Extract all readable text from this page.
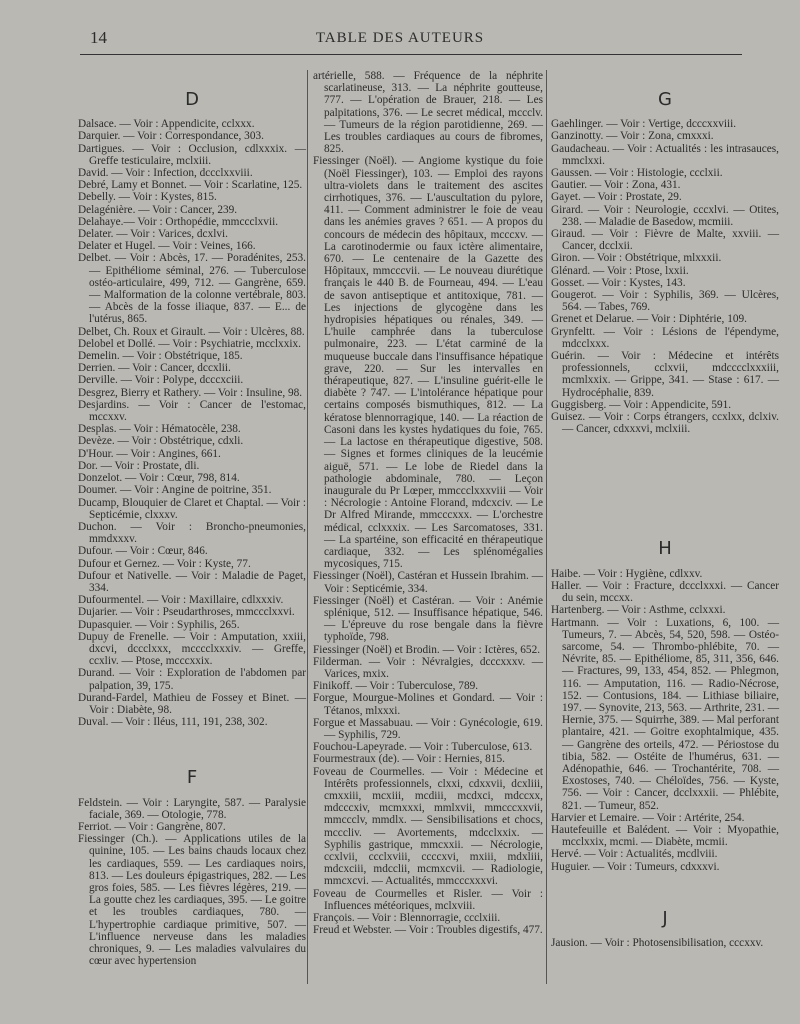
14	TABLE DES AUTEURS
D
Dalsace. — Voir : Appendicite, cclxxx.
Darquier. — Voir : Correspondance, 303.
Dartigues. — Voir : Occlusion, cdlxxxix. — Greffe testiculaire, mclxiii.
David. — Voir : Infection, dccclxxviii.
Debré, Lamy et Bonnet. — Voir : Scarlatine, 125.
Debelly. — Voir : Kystes, 815.
Delagénière. — Voir : Cancer, 239.
Delahaye.— Voir : Orthopédie, mmccclxvii.
Delater. — Voir : Varices, dcxlvi.
Delater et Hugel. — Voir : Veines, 166.
Delbet. — Voir : Abcès, 17. — Poradénites, 253. — Epithéliome séminal, 276. — Tuberculose ostéo-articulaire, 499, 712. — Gangrène, 659. — Malformation de la colonne vertébrale, 803. — Abcès de la fosse iliaque, 837. — E... de l'utérus, 865.
Delbet, Ch. Roux et Girault. — Voir : Ulcères, 88.
Delobel et Dollé. — Voir : Psychiatrie, mcclxxix.
Demelin. — Voir : Obstétrique, 185.
Derrien. — Voir : Cancer, dccxlii.
Derville. — Voir : Polype, dcccxciii.
Desgrez, Bierry et Rathery. — Voir : Insuline, 98.
Desjardins. — Voir : Cancer de l'estomac, mccxxv.
Desplas. — Voir : Hématocèle, 238.
Devèze. — Voir : Obstétrique, cdxli.
D'Hour. — Voir : Angines, 661.
Dor. — Voir : Prostate, dli.
Donzelot. — Voir : Cœur, 798, 814.
Doumer. — Voir : Angine de poitrine, 351.
Ducamp, Blouquier de Claret et Chaptal. — Voir : Septicémie, clxxxv.
Duchon. — Voir : Broncho-pneumonies, mmdxxxv.
Dufour. — Voir : Cœur, 846.
Dufour et Gernez. — Voir : Kyste, 77.
Dufour et Nativelle. — Voir : Maladie de Paget, 334.
Dufourmentel. — Voir : Maxillaire, cdlxxxiv.
Dujarier. — Voir : Pseudarthroses, mmccclxxvi.
Dupasquier. — Voir : Syphilis, 265.
Dupuy de Frenelle. — Voir : Amputation, xxiii, dxcvi, dccclxxx, mcccclxxxiv. — Greffe, ccxliv. — Ptose, mcccxxix.
Durand. — Voir : Exploration de l'abdomen par palpation, 39, 175.
Durand-Fardel, Mathieu de Fossey et Binet. — Voir : Diabète, 98.
Duval. — Voir : Iléus, 111, 191, 238, 302.
F
Feldstein. — Voir : Laryngite, 587. — Paralysie faciale, 369. — Otologie, 778.
Ferriot. — Voir : Gangrène, 807.
Fiessinger (Ch.). — Applications utiles de la quinine, 105. — Les bains chauds locaux chez les cardiaques, 559. — Les cardiaques noirs, 813. — Les douleurs épigastriques, 282. — Les gros foies, 585. — Les fièvres légères, 219. — La goutte chez les cardiaques, 395. — Le goitre et les troubles cardiaques, 780. — L'hypertrophie cardiaque primitive, 507. — L'influence nerveuse dans les maladies chroniques, 9. — Les maladies valvulaires du cœur avec hypertension
artérielle, 588. — Fréquence de la néphrite scarlatineuse, 313. — La néphrite goutteuse, 777. — L'opération de Brauer, 218. — Les palpitations, 376. — Le secret médical, mccclv. — Tumeurs de la région parotidienne, 269. — Les troubles cardiaques au cours de fibromes, 825.
Fiessinger (Noël). — Angiome kystique du foie (Noël Fiessinger), 103. — Emploi des rayons ultra-violets dans le traitement des ascites cirrhotiques, 376. — L'auscultation du pylore, 411. — Comment administrer le foie de veau dans les anémies graves ? 651. — A propos du concours de médecin des hôpitaux, mcccxv. — La carotinodermie ou faux ictère alimentaire, 670. — Le centenaire de la Gazette des Hôpitaux, mmcccvii. — Le nouveau diurétique français le 440 B. de Fourneau, 494. — L'eau de savon antiseptique et antitoxique, 781. — Les injections de glycogène dans les hydropisies hépatiques ou rénales, 349. — L'huile camphrée dans la tuberculose pulmonaire, 223. — L'état carminé de la muqueuse buccale dans l'insuffisance hépatique grave, 220. — Sur les intervalles en thérapeutique, 827. — L'insuline guérit-elle le diabète ? 747. — L'intolérance hépatique pour certains composés bismuthiques, 812. — La kératose blennorragique, 140. — La réaction de Casoni dans les kystes hydatiques du foie, 765. — La lactose en thérapeutique digestive, 508. — Signes et formes cliniques de la leucémie aiguë, 571. — Le lobe de Riedel dans la pathologie abdominale, 780. — Leçon inaugurale du Pr Lœper, mmccclxxxviii — Voir : Nécrologie : Antoine Florand, mdcxciv. — Le Dr Alfred Mirande, mmcccxxx. — L'orchestre médical, cclxxxix. — Les Sarcomatoses, 331. — La spartéine, son efficacité en thérapeutique cardiaque, 332. — Les splénomégalies mycosiques, 715.
Fiessinger (Noël), Castéran et Hussein Ibrahim. — Voir : Septicémie, 334.
Fiessinger (Noël) et Castéran. — Voir : Anémie splénique, 512. — Insuffisance hépatique, 546. — L'épreuve du rose bengale dans la fièvre typhoïde, 798.
Fiessinger (Noël) et Brodin. — Voir : Ictères, 652.
Filderman. — Voir : Névralgies, dcccxxxv. — Varices, mxix.
Finikoff. — Voir : Tuberculose, 789.
Forgue, Mourgue-Molines et Gondard. — Voir : Tétanos, mlxxxi.
Forgue et Massabuau. — Voir : Gynécologie, 619. — Syphilis, 729.
Fouchou-Lapeyrade. — Voir : Tuberculose, 613.
Fourmestraux (de). — Voir : Hernies, 815.
Foveau de Courmelles. — Voir : Médecine et Intérêts professionnels, clxxi, cdxxvii, dcxliii, cmxxiii, mcxiii, mcdiii, mcdxci, mdccxx, mdcccxiv, mcmxxxi, mmlxvii, mmcccxxvii, mmccclv, mmdlx. — Sensibilisations et chocs, mcccliv. — Avortements, mdcclxxix. — Syphilis gastrique, mmcxxii. — Nécrologie, ccxlvii, ccclxviii, ccccxvi, mxiii, mdxliii, mdcxciii, mdcclii, mcmxcvii. — Radiologie, mmcxcvi. — Actualités, mmcccxxxvi.
Foveau de Courmelles et Risler. — Voir : Influences météoriques, mclxviii.
François. — Voir : Blennorragie, ccclxiii.
Freud et Webster. — Voir : Troubles digestifs, 477.
G
Gaehlinger. — Voir : Vertige, dcccxxviii.
Ganzinotty. — Voir : Zona, cmxxxi.
Gaudacheau. — Voir : Actualités : les intrasauces, mmclxxi.
Gaussen. — Voir : Histologie, ccclxii.
Gautier. — Voir : Zona, 431.
Gayet. — Voir : Prostate, 29.
Girard. — Voir : Neurologie, cccxlvi. — Otites, 238. — Maladie de Basedow, mcmiii.
Giraud. — Voir : Fièvre de Malte, xxviii. — Cancer, dcclxii.
Giron. — Voir : Obstétrique, mlxxxii.
Glénard. — Voir : Ptose, lxxii.
Gosset. — Voir : Kystes, 143.
Gougerot. — Voir : Syphilis, 369. — Ulcères, 564. — Tabes, 769.
Grenet et Delarue. — Voir : Diphtérie, 109.
Grynfeltt. — Voir : Lésions de l'épendyme, mdcclxxx.
Guérin. — Voir : Médecine et intérêts professionnels, cclxvii, mdcccclxxxiii, mcmlxxix. — Grippe, 341. — Stase : 617. — Hydrocéphalie, 839.
Guggisberg. — Voir : Appendicite, 591.
Guisez. — Voir : Corps étrangers, ccxlxx, dclxiv. — Cancer, cdxxxvi, mclxiii.
H
Haibe. — Voir : Hygiène, cdlxxv.
Haller. — Voir : Fracture, dccclxxxi. — Cancer du sein, mccxx.
Hartenberg. — Voir : Asthme, cclxxxi.
Hartmann. — Voir : Luxations, 6, 100. — Tumeurs, 7. — Abcès, 54, 520, 598. — Ostéo-sarcome, 54. — Thrombo-phlébite, 70. — Névrite, 85. — Epithéliome, 85, 311, 356, 646. — Fractures, 99, 133, 454, 852. — Phlegmon, 116. — Amputation, 116. — Radio-Nécrose, 152. — Contusions, 184. — Lithiase biliaire, 197. — Synovite, 213, 563. — Arthrite, 231. — Hernie, 375. — Squirrhe, 389. — Mal perforant plantaire, 421. — Goitre exophtalmique, 435. — Gangrène des orteils, 472. — Périostose du tibia, 582. — Ostéite de l'humérus, 631. — Adénopathie, 646. — Trochantérite, 708. — Exostoses, 740. — Chéloïdes, 756. — Kyste, 756. — Voir : Cancer, dcclxxxii. — Phlébite, 821. — Tumeur, 852.
Harvier et Lemaire. — Voir : Artérite, 254.
Hautefeuille et Balédent. — Voir : Myopathie, mcclxxix, mcmi. — Diabète, mcmii.
Hervé. — Voir : Actualités, mcdlviii.
Huguier. — Voir : Tumeurs, cdxxxvi.
J
Jausion. — Voir : Photosensibilisation, cccxxv.
